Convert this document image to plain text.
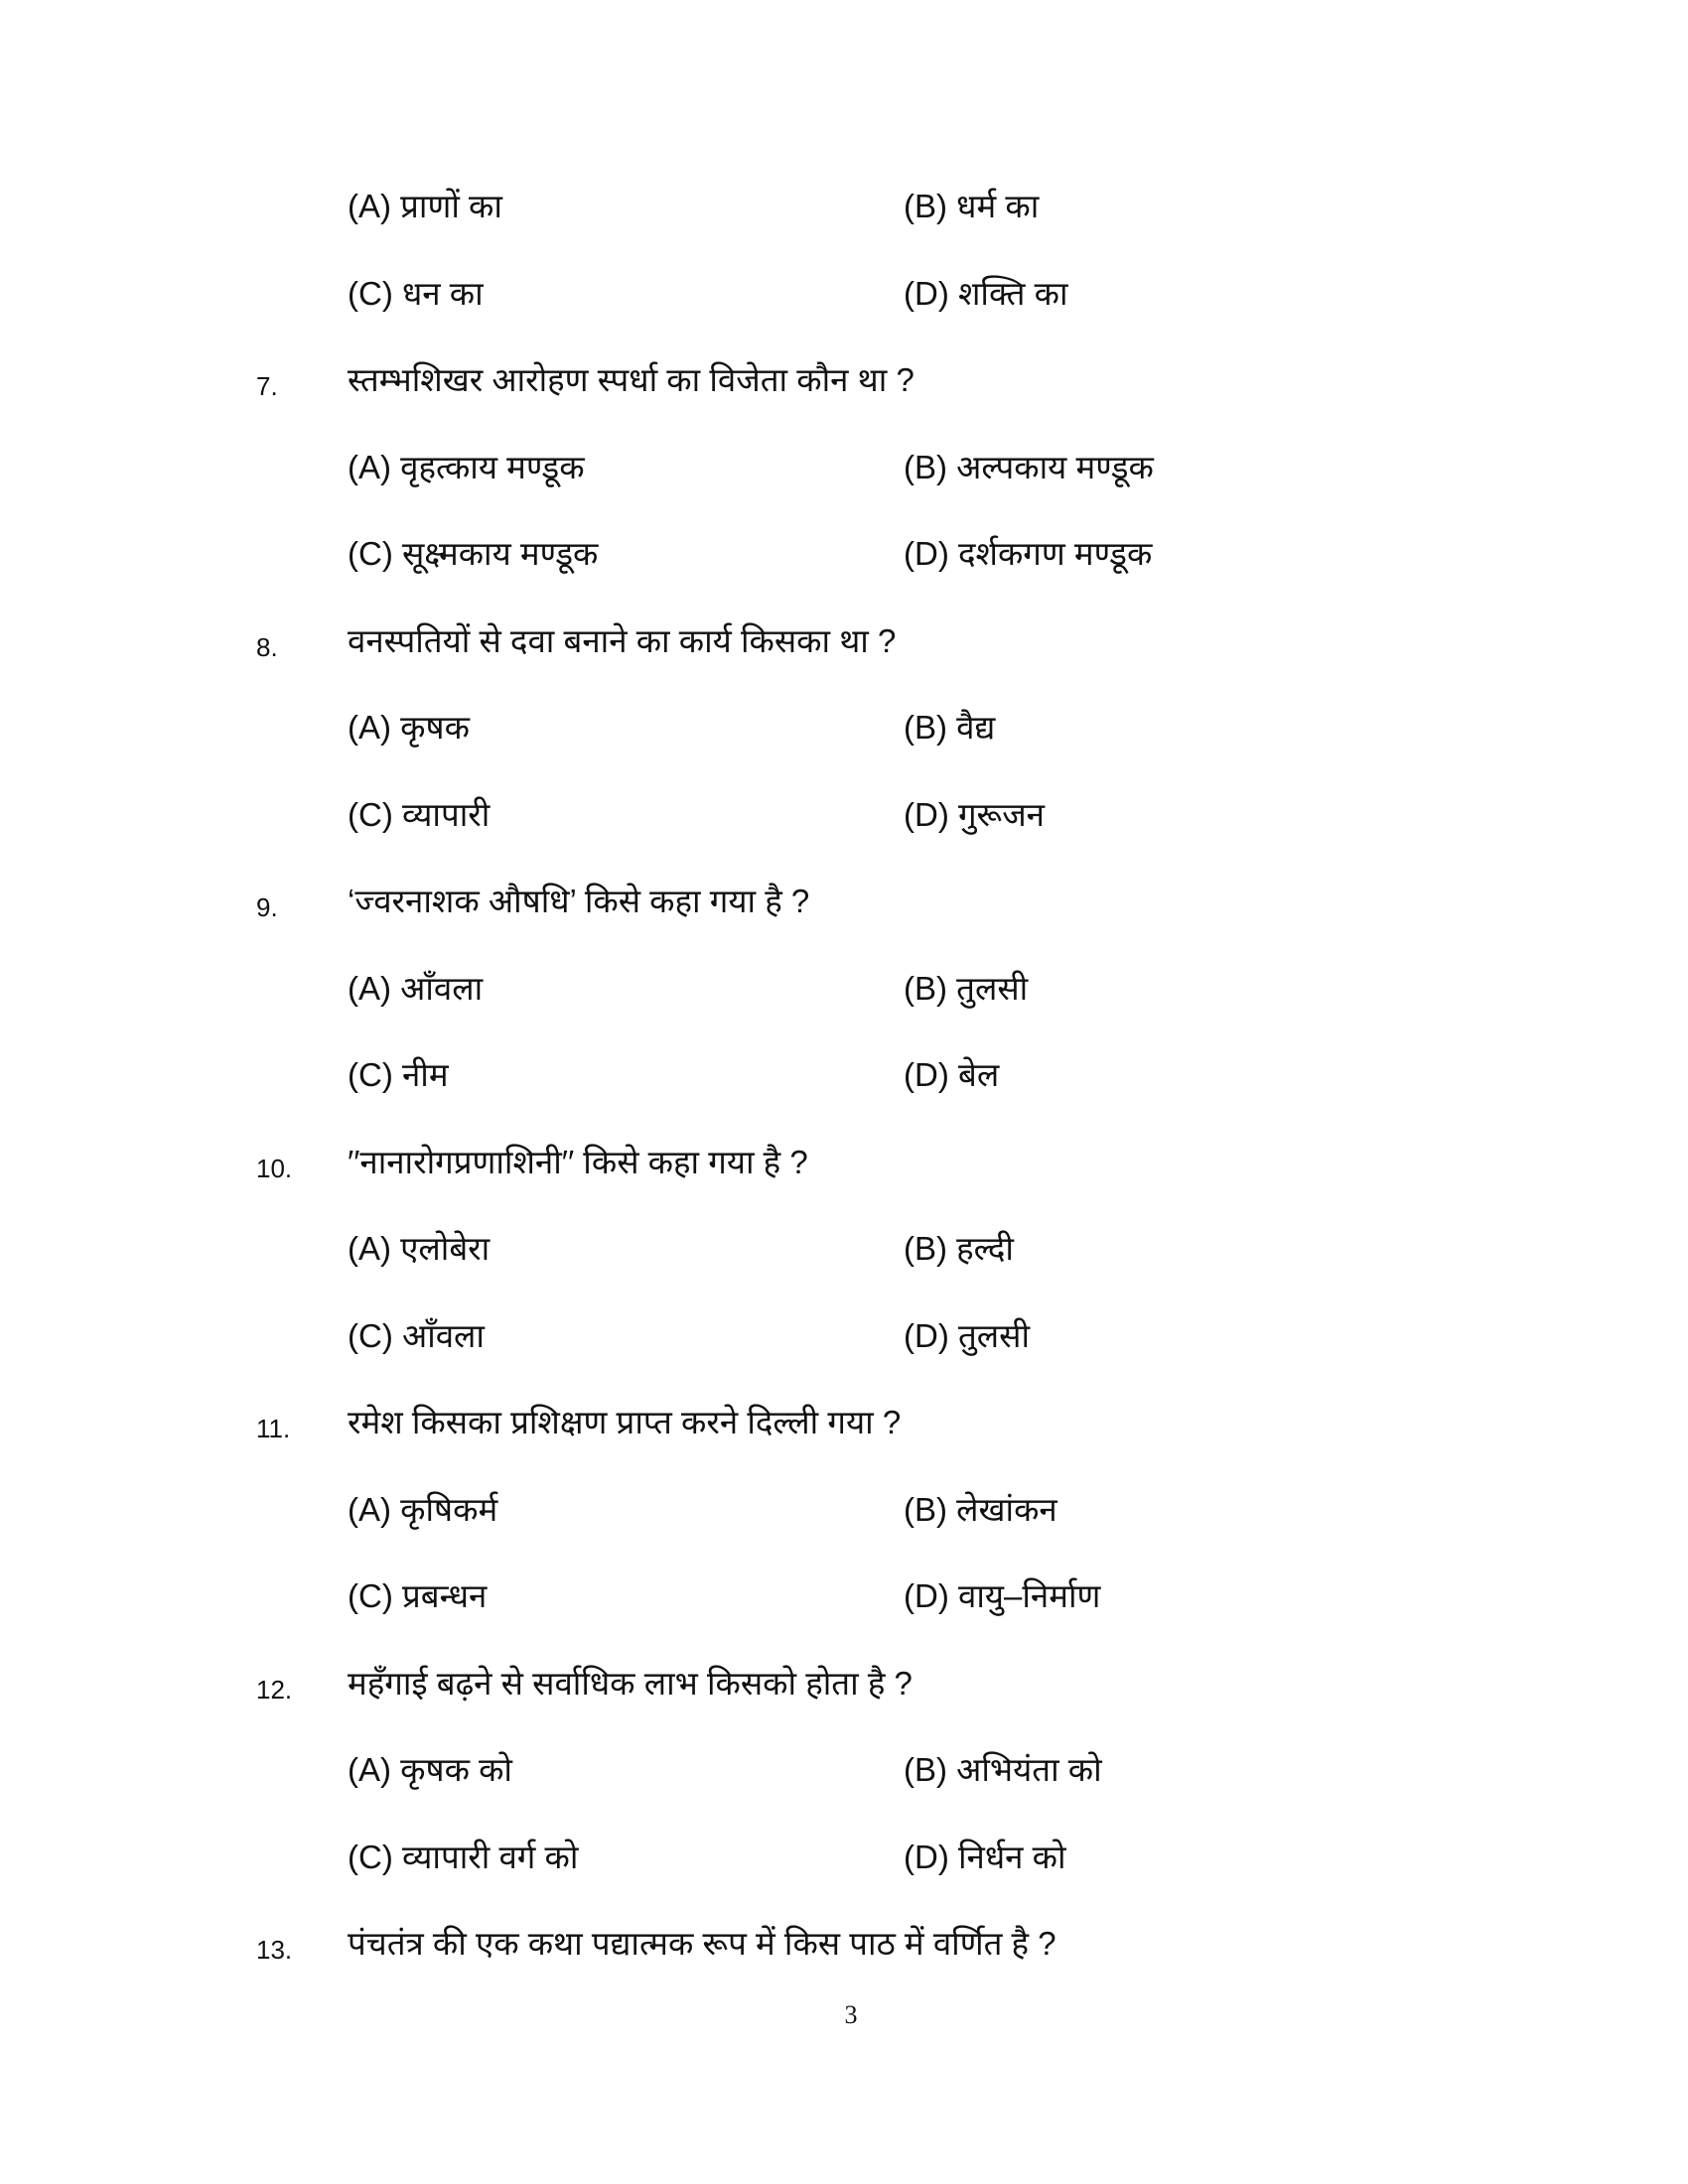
(A) प्राणों का	(B) धर्म का
(C) धन का	(D) शक्ति का
7. स्तम्भशिखर आरोहण स्पर्धा का विजेता कौन था ?
(A) वृहत्काय मण्डूक	(B) अल्पकाय मण्डूक
(C) सूक्ष्मकाय मण्डूक	(D) दर्शकगण मण्डूक
8. वनस्पतियों से दवा बनाने का कार्य किसका था ?
(A) कृषक	(B) वैद्य
(C) व्यापारी	(D) गुरूजन
9. ‘ज्वरनाशक औषधि’ किसे कहा गया है ?
(A) आँवला	(B) तुलसी
(C) नीम	(D) बेल
10. ′′नानारोगप्रणाशिनी′′ किसे कहा गया है ?
(A) एलोबेरा	(B) हल्दी
(C) आँवला	(D) तुलसी
11. रमेश किसका प्रशिक्षण प्राप्त करने दिल्ली गया ?
(A) कृषिकर्म	(B) लेखांकन
(C) प्रबन्धन	(D) वायु–निर्माण
12. महँगाई बढ़ने से सर्वाधिक लाभ किसको होता है ?
(A) कृषक को	(B) अभियंता को
(C) व्यापारी वर्ग को	(D) निर्धन को
13. पंचतंत्र की एक कथा पद्यात्मक रूप में किस पाठ में वर्णित है ?
3
